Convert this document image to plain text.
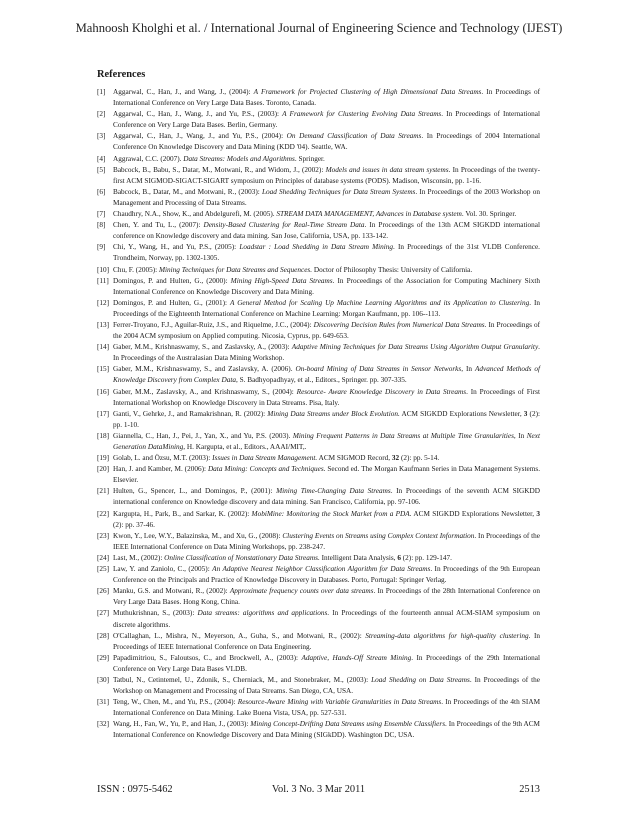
Mahnoosh Kholghi et al. / International Journal of Engineering Science and Technology (IJEST)
References

[1] Aggarwal, C., Han, J., and Wang, J., (2004): A Framework for Projected Clustering of High Dimensional Data Streams. In Proceedings of International Conference on Very Large Data Bases. Toronto, Canada.

[2] Aggarwal, C., Han, J., Wang, J., and Yu, P.S., (2003): A Framework for Clustering Evolving Data Streams. In Proceedings of International Conference on Very Large Data Bases. Berlin, Germany.

[3] Aggarwal, C., Han, J., Wang, J., and Yu, P.S., (2004): On Demand Classification of Data Streams. In Proceedings of 2004 International Conference On Knowledge Discovery and Data Mining (KDD '04). Seattle, WA.

[4] Aggrawal, C.C. (2007). Data Streams: Models and Algorithms. Springer.

[5] Babcock, B., Babu, S., Datar, M., Motwani, R., and Widom, J., (2002): Models and issues in data stream systems. In Proceedings of the twenty-first ACM SIGMOD-SIGACT-SIGART symposium on Principles of database systems (PODS). Madison, Wisconsin, pp. 1-16.

[6] Babcock, B., Datar, M., and Motwani, R., (2003): Load Shedding Techniques for Data Stream Systems. In Proceedings of the 2003 Workshop on Management and Processing of Data Streams.

[7] Chaudhry, N.A., Show, K., and Abdelgurefi, M. (2005). STREAM DATA MANAGEMENT, Advances in Database system. Vol. 30. Springer.

[8] Chen, Y. and Tu, L., (2007): Density-Based Clustering for Real-Time Stream Data. In Proceedings of the 13th ACM SIGKDD international conference on Knowledge discovery and data mining. San Jose, California, USA, pp. 133-142.

[9] Chi, Y., Wang, H., and Yu, P.S., (2005): Loadstar : Load Shedding in Data Stream Mining. In Proceedings of the 31st VLDB Conference. Trondheim, Norway, pp. 1302-1305.

[10] Chu, F. (2005): Mining Techniques for Data Streams and Sequences. Doctor of Philosophy Thesis: University of California.

[11] Domingos, P. and Hulten, G., (2000): Mining High-Speed Data Streams. In Proceedings of the Association for Computing Machinery Sixth International Conference on Knowledge Discovery and Data Mining.

[12] Domingos, P. and Hulten, G., (2001): A General Method for Scaling Up Machine Learning Algorithms and its Application to Clustering. In Proceedings of the Eighteenth International Conference on Machine Learning: Morgan Kaufmann, pp. 106--113.

[13] Ferrer-Troyano, F.J., Aguilar-Ruiz, J.S., and Riquelme, J.C., (2004): Discovering Decision Rules from Numerical Data Streams. In Proceedings of the 2004 ACM symposium on Applied computing. Nicosia, Cyprus, pp. 649-653.

[14] Gaber, M.M., Krishnaswamy, S., and Zaslavsky, A., (2003): Adaptive Mining Techniques for Data Streams Using Algorithm Output Granularity. In Proceedings of the Australasian Data Mining Workshop.

[15] Gaber, M.M., Krishnaswamy, S., and Zaslavsky, A. (2006). On-board Mining of Data Streams in Sensor Networks, In Advanced Methods of Knowledge Discovery from Complex Data, S. Badhyopadhyay, et al., Editors., Springer. pp. 307-335.

[16] Gaber, M.M., Zaslavsky, A., and Krishnaswamy, S., (2004): Resource- Aware Knowledge Discovery in Data Streams. In Proceedings of First International Workshop on Knowledge Discovery in Data Streams. Pisa, Italy.

[17] Ganti, V., Gehrke, J., and Ramakrishnan, R. (2002): Mining Data Streams under Block Evolution. ACM SIGKDD Explorations Newsletter, 3 (2): pp. 1-10.

[18] Giannella, C., Han, J., Pei, J., Yan, X., and Yu, P.S. (2003). Mining Frequent Patterns in Data Streams at Multiple Time Granularities, In Next Generation DataMining, H. Kargupta, et al., Editors., AAAI/MIT,.

[19] Golab, L. and Özsu, M.T. (2003): Issues in Data Stream Management. ACM SIGMOD Record, 32 (2): pp. 5-14.

[20] Han, J. and Kamber, M. (2006): Data Mining: Concepts and Techniques. Second ed. The Morgan Kaufmann Series in Data Management Systems. Elsevier.

[21] Hulten, G., Spencer, L., and Domingos, P., (2001): Mining Time-Changing Data Streams. In Proceedings of the seventh ACM SIGKDD international conference on Knowledge discovery and data mining. San Francisco, California, pp. 97-106.

[22] Kargupta, H., Park, B., and Sarkar, K. (2002): MobiMine: Monitoring the Stock Market from a PDA. ACM SIGKDD Explorations Newsletter, 3 (2): pp. 37-46.

[23] Kwon, Y., Lee, W.Y., Balazinska, M., and Xu, G., (2008): Clustering Events on Streams using Complex Context Information. In Proceedings of the IEEE International Conference on Data Mining Workshops, pp. 238-247.

[24] Last, M., (2002): Online Classification of Nonstationary Data Streams. Intelligent Data Analysis, 6 (2): pp. 129-147.

[25] Law, Y. and Zaniolo, C., (2005): An Adaptive Nearest Neighbor Classification Algorithm for Data Streams. In Proceedings of the 9th European Conference on the Principals and Practice of Knowledge Discovery in Databases. Porto, Portugal: Springer Verlag.

[26] Manku, G.S. and Motwani, R., (2002): Approximate frequency counts over data streams. In Proceedings of the 28th International Conference on Very Large Data Bases. Hong Kong, China.

[27] Muthukrishnan, S., (2003): Data streams: algorithms and applications. In Proceedings of the fourteenth annual ACM-SIAM symposium on discrete algorithms.

[28] O'Callaghan, L., Mishra, N., Meyerson, A., Guha, S., and Motwani, R., (2002): Streaming-data algorithms for high-quality clustering. In Proceedings of IEEE International Conference on Data Engineering.

[29] Papadimitriou, S., Faloutsos, C., and Brockwell, A., (2003): Adaptive, Hands-Off Stream Mining. In Proceedings of the 29th International Conference on Very Large Data Bases VLDB.

[30] Tatbul, N., Cetintemel, U., Zdonik, S., Cherniack, M., and Stonebraker, M., (2003): Load Shedding on Data Streams. In Proceedings of the Workshop on Management and Processing of Data Streams. San Diego, CA, USA.

[31] Teng, W., Chen, M., and Yu, P.S., (2004): Resource-Aware Mining with Variable Granularities in Data Streams. In Proceedings of the 4th SIAM International Conference on Data Mining. Lake Buena Vista, USA, pp. 527-531.

[32] Wang, H., Fan, W., Yu, P., and Han, J., (2003): Mining Concept-Drifting Data Streams using Ensemble Classifiers. In Proceedings of the 9th ACM International Conference on Knowledge Discovery and Data Mining (SIGkDD). Washington DC, USA.

ISSN : 0975-5462	Vol. 3 No. 3 Mar 2011	2513
